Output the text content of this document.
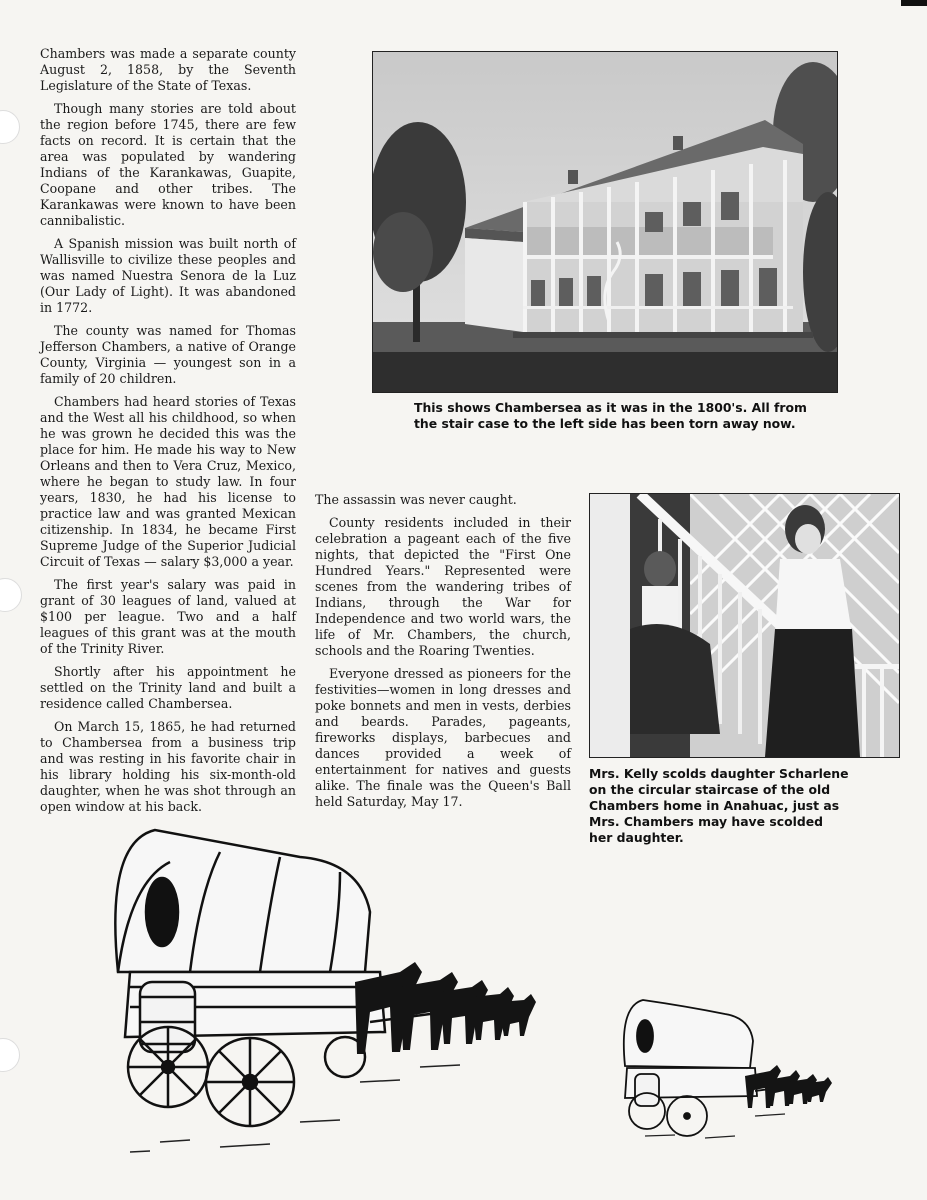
Chambers was made a separate county August 2, 1858, by the Seventh Legislature of the State of Texas.

Though many stories are told about the region before 1745, there are few facts on record. It is certain that the area was populated by wandering Indians of the Karankawas, Guapite, Coopane and other tribes. The Karankawas were known to have been cannibalistic.

A Spanish mission was built north of Wallisville to civilize these peoples and was named Nuestra Senora de la Luz (Our Lady of Light). It was abandoned in 1772.

The county was named for Thomas Jefferson Chambers, a native of Orange County, Virginia — youngest son in a family of 20 children.

Chambers had heard stories of Texas and the West all his childhood, so when he was grown he decided this was the place for him. He made his way to New Orleans and then to Vera Cruz, Mexico, where he began to study law. In four years, 1830, he had his license to practice law and was granted Mexican citizenship. In 1834, he became First Supreme Judge of the Superior Judicial Circuit of Texas — salary $3,000 a year.

The first year's salary was paid in grant of 30 leagues of land, valued at $100 per league. Two and a half leagues of this grant was at the mouth of the Trinity River.

Shortly after his appointment he settled on the Trinity land and built a residence called Chambersea.

On March 15, 1865, he had returned to Chambersea from a business trip and was resting in his favorite chair in his library holding his six-month-old daughter, when he was shot through an open window at his back.

The assassin was never caught.

County residents included in their celebration a pageant each of the five nights, that depicted the "First One Hundred Years." Represented were scenes from the wandering tribes of Indians, through the War for Independence and two world wars, the life of Mr. Chambers, the church, schools and the Roaring Twenties.

Everyone dressed as pioneers for the festivities—women in long dresses and poke bonnets and men in vests, derbies and beards. Parades, pageants, fireworks displays, barbecues and dances provided a week of entertainment for natives and guests alike. The finale was the Queen's Ball held Saturday, May 17.

This shows Chambersea as it was in the 1800's. All from the stair case to the left side has been torn away now.
Mrs. Kelly scolds daughter Scharlene on the circular staircase of the old Chambers home in Anahuac, just as Mrs. Chambers may have scolded her daughter.
